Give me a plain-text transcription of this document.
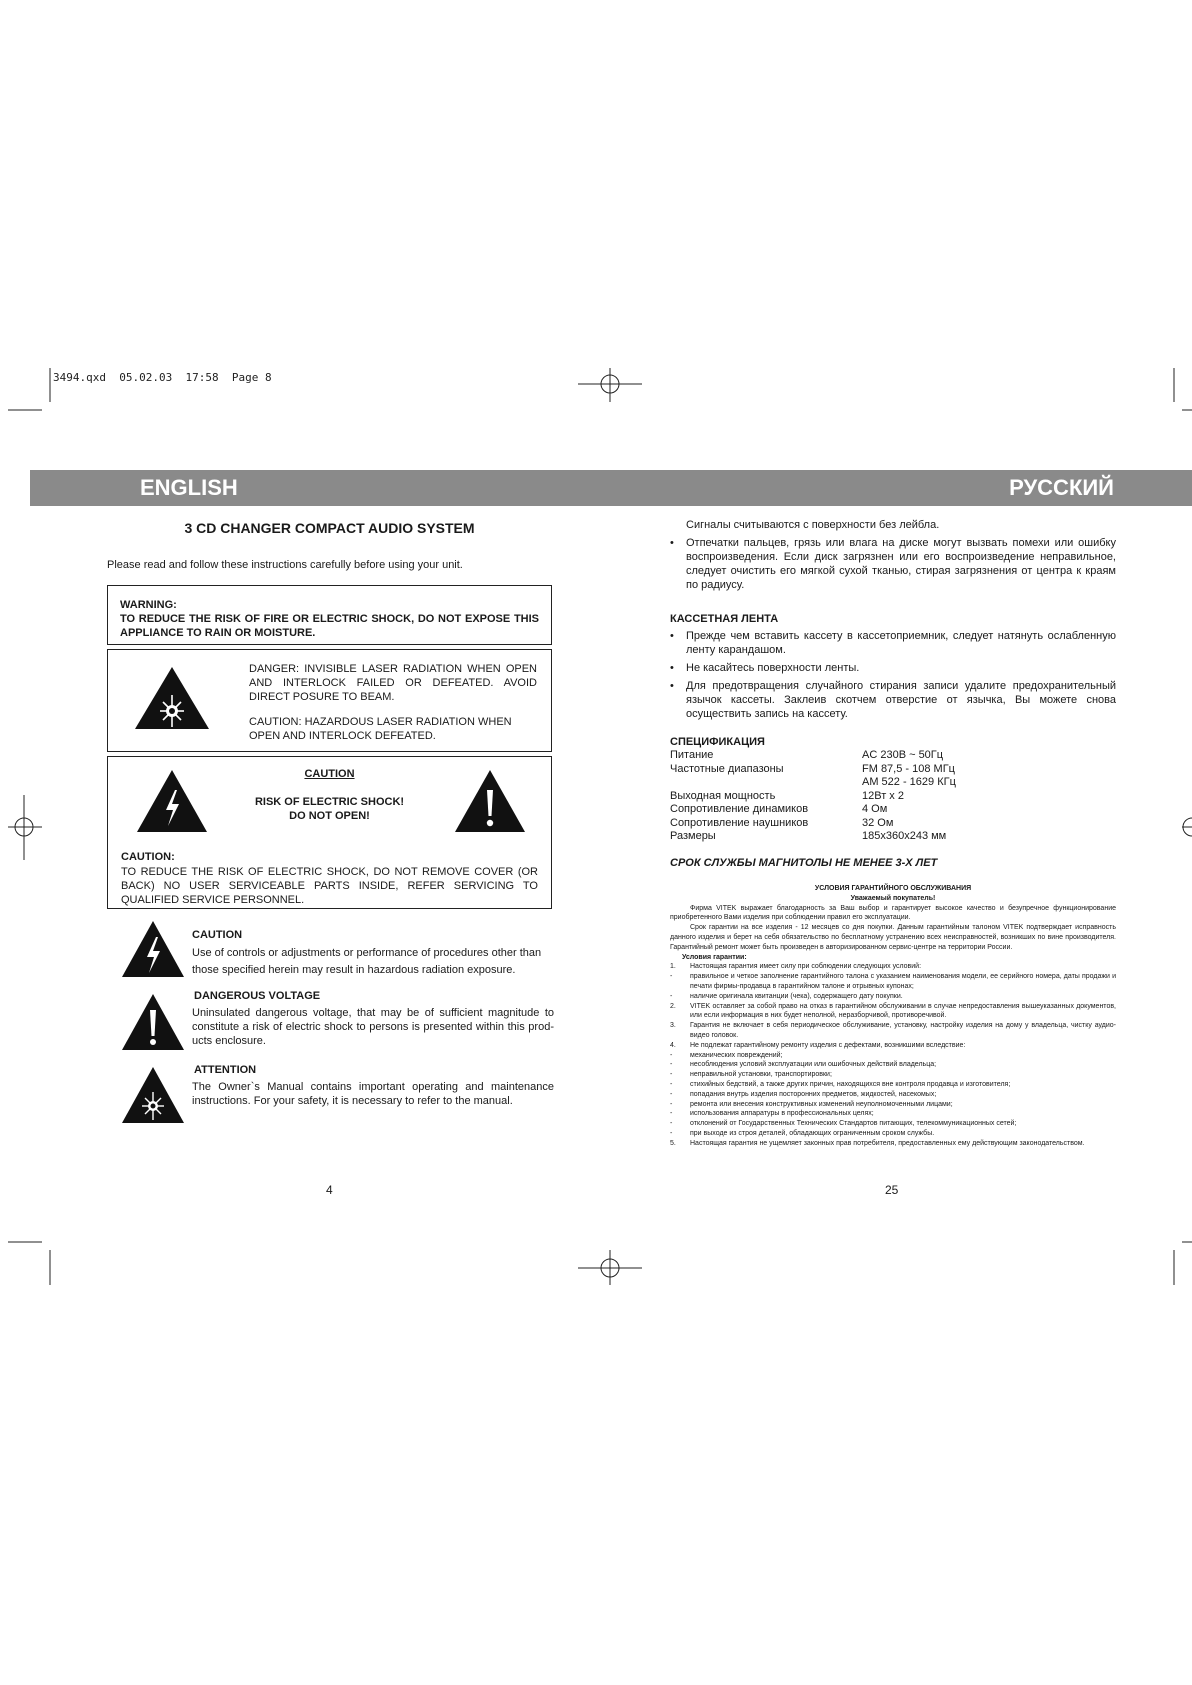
3494.qxd 05.02.03 17:58 Page 8
ENGLISH	РУССКИЙ
3 CD CHANGER COMPACT AUDIO SYSTEM
Please read and follow these instructions carefully before using your unit.
WARNING:
TO REDUCE THE RISK OF FIRE OR ELECTRIC SHOCK, DO NOT EXPOSE THIS APPLIANCE TO RAIN OR MOISTURE.
DANGER: INVISIBLE LASER RADIATION WHEN OPEN AND INTERLOCK FAILED OR DEFEATED. AVOID DIRECT POSURE TO BEAM.
CAUTION: HAZARDOUS LASER RADIATION WHEN OPEN AND INTERLOCK DEFEATED.
CAUTION
RISK OF ELECTRIC SHOCK!
DO NOT OPEN!
CAUTION:
TO REDUCE THE RISK OF ELECTRIC SHOCK, DO NOT REMOVE COVER (OR BACK) NO USER SERVICEABLE PARTS INSIDE, REFER SERVICING TO QUALIFIED SERVICE PERSONNEL.
CAUTION
Use of controls or adjustments or performance of procedures other than those specified herein may result in hazardous radiation exposure.
DANGEROUS VOLTAGE
Uninsulated dangerous voltage, that may be of sufficient magnitude to constitute a risk of electric shock to persons is presented within this prod-ucts enclosure.
ATTENTION
The Owner`s Manual contains important operating and maintenance instructions. For your safety, it is necessary to refer to the manual.
4
Сигналы считываются с поверхности без лейбла.
• Отпечатки пальцев, грязь или влага на диске могут вызвать помехи или ошибку воспроизведения. Если диск загрязнен или его воспроизведение неправильное, следует очистить его мягкой сухой тканью, стирая загрязнения от центра к краям по радиусу.
КАССЕТНАЯ ЛЕНТА
• Прежде чем вставить кассету в кассетоприемник, следует натянуть ослабленную ленту карандашом.
• Не касайтесь поверхности ленты.
• Для предотвращения случайного стирания записи удалите предохранительный язычок кассеты. Заклеив скотчем отверстие от язычка, Вы можете снова осуществить запись на кассету.
СПЕЦИФИКАЦИЯ
Питание	AC 230В ~ 50Гц
Частотные диапазоны	FM 87,5 - 108 МГц
AM 522 - 1629 КГц
Выходная мощность	12Вт х 2
Сопротивление динамиков	4 Ом
Сопротивление наушников	32 Ом
Размеры	185х360х243 мм
СРОК СЛУЖБЫ МАГНИТОЛЫ НЕ МЕНЕЕ 3-Х ЛЕТ

УСЛОВИЯ ГАРАНТИЙНОГО ОБСЛУЖИВАНИЯ

Уважаемый покупатель!

Фирма VITEK выражает благодарность за Ваш выбор и гарантирует высокое качество и безупречное функционирование приобретенного Вами изделия при соблюдении правил его эксплуатации.

Срок гарантии на все изделия - 12 месяцев со дня покупки. Данным гарантийным талоном VITEK подтверждает исправность данного изделия и берет на себя обязательство по бесплатному устранению всех неисправностей, возникших по вине производителя. Гарантийный ремонт может быть произведен в авторизированном сервис-центре на территории России.

Условия гарантии:

1. Настоящая гарантия имеет силу при соблюдении следующих условий:
-	правильное и четкое заполнение гарантийного талона с указанием наименования модели, ее серийного номера, даты продажи и печати фирмы-продавца в гарантийном талоне и отрывных купонах;
-	наличие оригинала квитанции (чека), содержащего дату покупки.
2. VITEK оставляет за собой право на отказ в гарантийном обслуживании в случае непредоставления вышеуказанных документов, или если информация в них будет неполной, неразборчивой, противоречивой.
3. Гарантия не включает в себя периодическое обслуживание, установку, настройку изделия на дому у владельца, чистку аудио-видео головок.
4. Не подлежат гарантийному ремонту изделия с дефектами, возникшими вследствие:
-	механических повреждений;
-	несоблюдения условий эксплуатации или ошибочных действий владельца;
-	неправильной установки, транспортировки;
-	стихийных бедствий, а также других причин, находящихся вне контроля продавца и изготовителя;
-	попадания внутрь изделия посторонних предметов, жидкостей, насекомых;
-	ремонта или внесения конструктивных изменений неуполномоченными лицами;
-	использования аппаратуры в профессиональных целях;
-	отклонений от Государственных Технических Стандартов питающих, телекоммуникационных сетей;
-	при выходе из строя деталей, обладающих ограниченным сроком службы.
5. Настоящая гарантия не ущемляет законных прав потребителя, предоставленных ему действующим законодательством.
25
